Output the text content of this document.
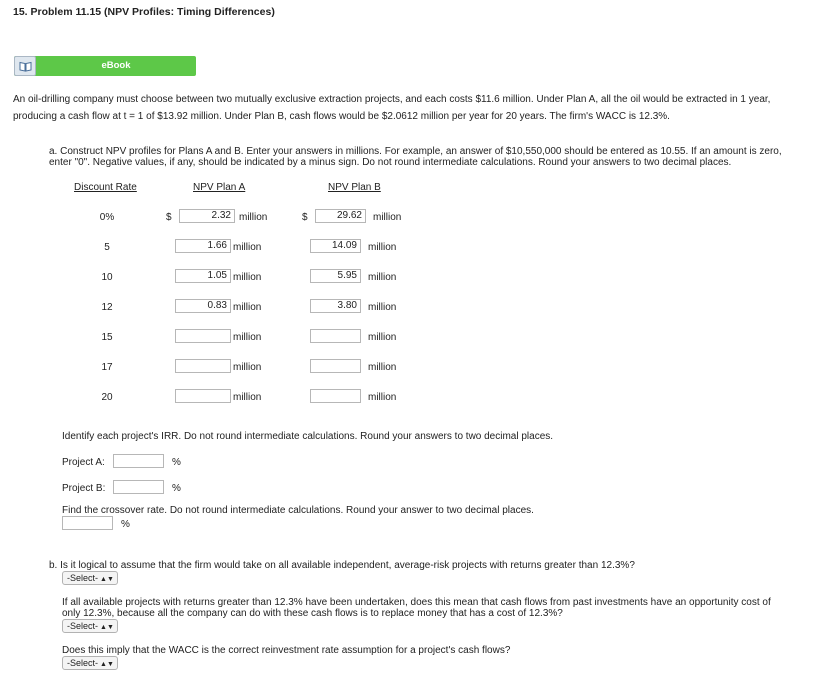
15. Problem 11.15 (NPV Profiles: Timing Differences)
eBook
An oil-drilling company must choose between two mutually exclusive extraction projects, and each costs $11.6 million. Under Plan A, all the oil would be extracted in 1 year, producing a cash flow at t = 1 of $13.92 million. Under Plan B, cash flows would be $2.0612 million per year for 20 years. The firm's WACC is 12.3%.
a. Construct NPV profiles for Plans A and B. Enter your answers in millions. For example, an answer of $10,550,000 should be entered as 10.55. If an amount is zero, enter "0". Negative values, if any, should be indicated by a minus sign. Do not round intermediate calculations. Round your answers to two decimal places.
Discount Rate	NPV Plan A	NPV Plan B
0%	$	2.32 million	$	29.62	million
5	1.66 million	14.09	million
10	1.05 million	5.95	million
12	0.83 million	3.80	million
15	million	million
17	million	million
20	million	million
Identify each project's IRR. Do not round intermediate calculations. Round your answers to two decimal places.
Project A:	%
Project B:	%
Find the crossover rate. Do not round intermediate calculations. Round your answer to two decimal places.
%
b. Is it logical to assume that the firm would take on all available independent, average-risk projects with returns greater than 12.3%?
-Select- ▲▼
If all available projects with returns greater than 12.3% have been undertaken, does this mean that cash flows from past investments have an opportunity cost of only 12.3%, because all the company can do with these cash flows is to replace money that has a cost of 12.3%?
-Select- ▲▼
Does this imply that the WACC is the correct reinvestment rate assumption for a project's cash flows?
-Select- ▲▼
